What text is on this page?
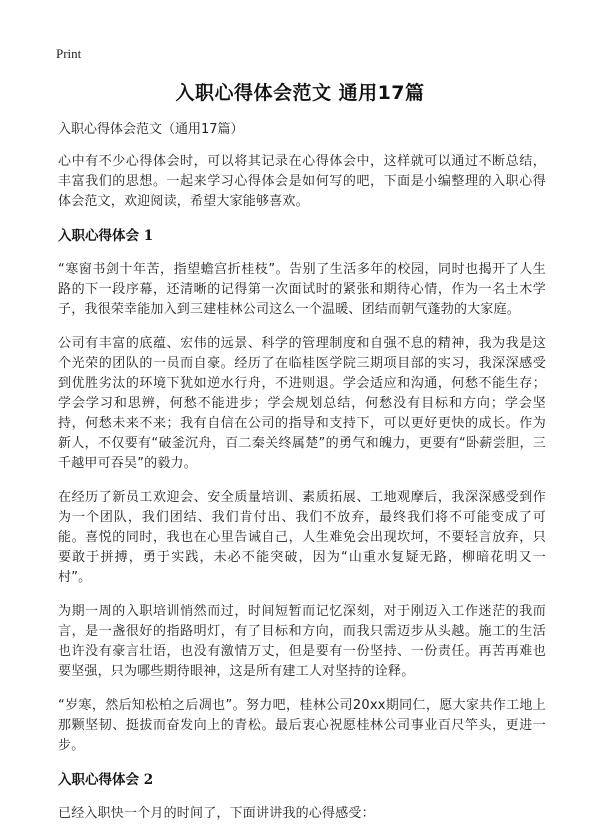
Print
入职心得体会范文 通用17篇

入职心得体会范文（通用17篇）

心中有不少心得体会时，可以将其记录在心得体会中，这样就可以通过不断总结，丰富我们的思想。一起来学习心得体会是如何写的吧，下面是小编整理的入职心得体会范文，欢迎阅读，希望大家能够喜欢。

入职心得体会 1

“寒窗书剑十年苦，指望蟾宫折桂枝”。告别了生活多年的校园，同时也揭开了人生路的下一段序幕，还清晰的记得第一次面试时的紧张和期待心情，作为一名土木学子，我很荣幸能加入到三建桂林公司这么一个温暖、团结而朝气蓬勃的大家庭。

公司有丰富的底蕴、宏伟的远景、科学的管理制度和自强不息的精神，我为我是这个光荣的团队的一员而自豪。经历了在临桂医学院三期项目部的实习，我深深感受到优胜劣汰的环境下犹如逆水行舟，不进则退。学会适应和沟通，何愁不能生存；学会学习和思辨，何愁不能进步；学会规划总结，何愁没有目标和方向；学会坚持，何愁未来不来；我有自信在公司的指导和支持下，可以更好更快的成长。作为新人，不仅要有“破釜沉舟，百二秦关终属楚”的勇气和魄力，更要有“卧薪尝胆，三千越甲可吞吴”的毅力。

在经历了新员工欢迎会、安全质量培训、素质拓展、工地观摩后，我深深感受到作为一个团队，我们团结、我们肯付出、我们不放弃，最终我们将不可能变成了可能。喜悦的同时，我也在心里告诫自己，人生难免会出现坎坷，不要轻言放弃，只要敢于拼搏，勇于实践，未必不能突破，因为“山重水复疑无路，柳暗花明又一村”。

为期一周的入职培训悄然而过，时间短暂而记忆深刻，对于刚迈入工作迷茫的我而言，是一盏很好的指路明灯，有了目标和方向，而我只需迈步从头越。施工的生活也许没有豪言壮语，也没有激情万丈，但是要有一份坚持、一份责任。再苦再难也要坚强，只为哪些期待眼神，这是所有建工人对坚持的诠释。

“岁寒，然后知松柏之后凋也”。努力吧，桂林公司20xx期同仁，愿大家共作工地上那颗坚韧、挺拔而奋发向上的青松。最后衷心祝愿桂林公司事业百尺竿头，更进一步。

入职心得体会 2

已经入职快一个月的时间了，下面讲讲我的心得感受：
